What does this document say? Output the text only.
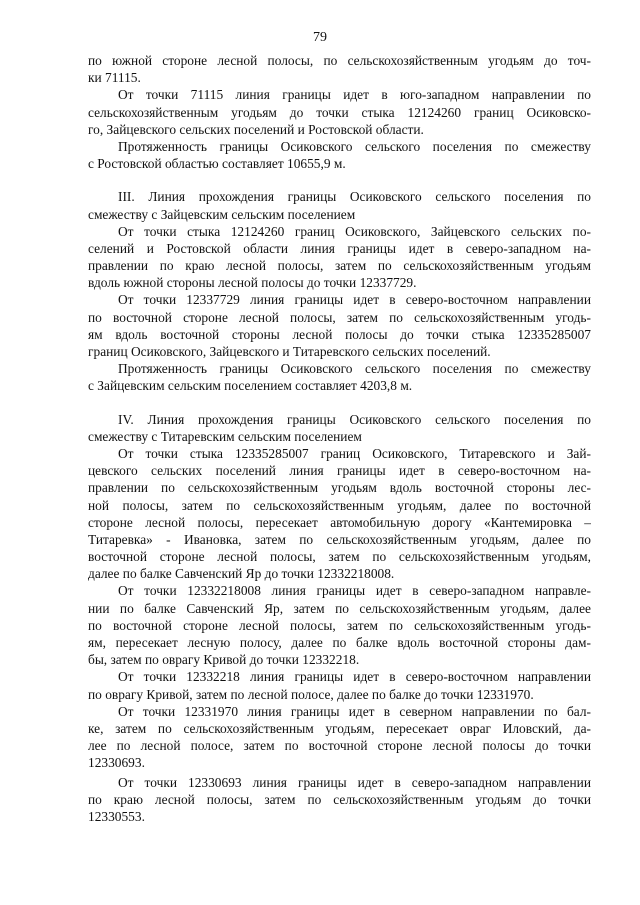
79
по южной стороне лесной полосы, по сельскохозяйственным угодьям до точ-
ки 71115.
От точки 71115 линия границы идет в юго-западном направлении по
сельскохозяйственным угодьям до точки стыка 12124260 границ Осиковско-
го, Зайцевского сельских поселений и Ростовской области.
Протяженность границы Осиковского сельского поселения по смежеству
с Ростовской областью составляет 10655,9 м.
III. Линия прохождения границы Осиковского сельского поселения по
смежеству с Зайцевским сельским поселением
От точки стыка 12124260 границ Осиковского, Зайцевского сельских по-
селений и Ростовской области линия границы идет в северо-западном на-
правлении по краю лесной полосы, затем по сельскохозяйственным угодьям
вдоль южной стороны лесной полосы до точки 12337729.
От точки 12337729 линия границы идет в северо-восточном направлении
по восточной стороне лесной полосы, затем по сельскохозяйственным угодь-
ям вдоль восточной стороны лесной полосы до точки стыка 12335285007
границ Осиковского, Зайцевского и Титаревского сельских поселений.
Протяженность границы Осиковского сельского поселения по смежеству
с Зайцевским сельским поселением составляет 4203,8 м.
IV. Линия прохождения границы Осиковского сельского поселения по
смежеству с Титаревским сельским поселением
От точки стыка 12335285007 границ Осиковского, Титаревского и Зай-
цевского сельских поселений линия границы идет в северо-восточном на-
правлении по сельскохозяйственным угодьям вдоль восточной стороны лес-
ной полосы, затем по сельскохозяйственным угодьям, далее по восточной
стороне лесной полосы, пересекает автомобильную дорогу «Кантемировка –
Титаревка» - Ивановка, затем по сельскохозяйственным угодьям, далее по
восточной стороне лесной полосы, затем по сельскохозяйственным угодьям,
далее по балке Савченский Яр до точки 12332218008.
От точки 12332218008 линия границы идет в северо-западном направле-
нии по балке Савченский Яр, затем по сельскохозяйственным угодьям, далее
по восточной стороне лесной полосы, затем по сельскохозяйственным угодь-
ям, пересекает лесную полосу, далее по балке вдоль восточной стороны дам-
бы, затем по оврагу Кривой до точки 12332218.
От точки 12332218 линия границы идет в северо-восточном направлении
по оврагу Кривой, затем по лесной полосе, далее по балке до точки 12331970.
От точки 12331970 линия границы идет в северном направлении по бал-
ке, затем по сельскохозяйственным угодьям, пересекает овраг Иловский, да-
лее по лесной полосе, затем по восточной стороне лесной полосы до точки
12330693.
От точки 12330693 линия границы идет в северо-западном направлении
по краю лесной полосы, затем по сельскохозяйственным угодьям до точки
12330553.
